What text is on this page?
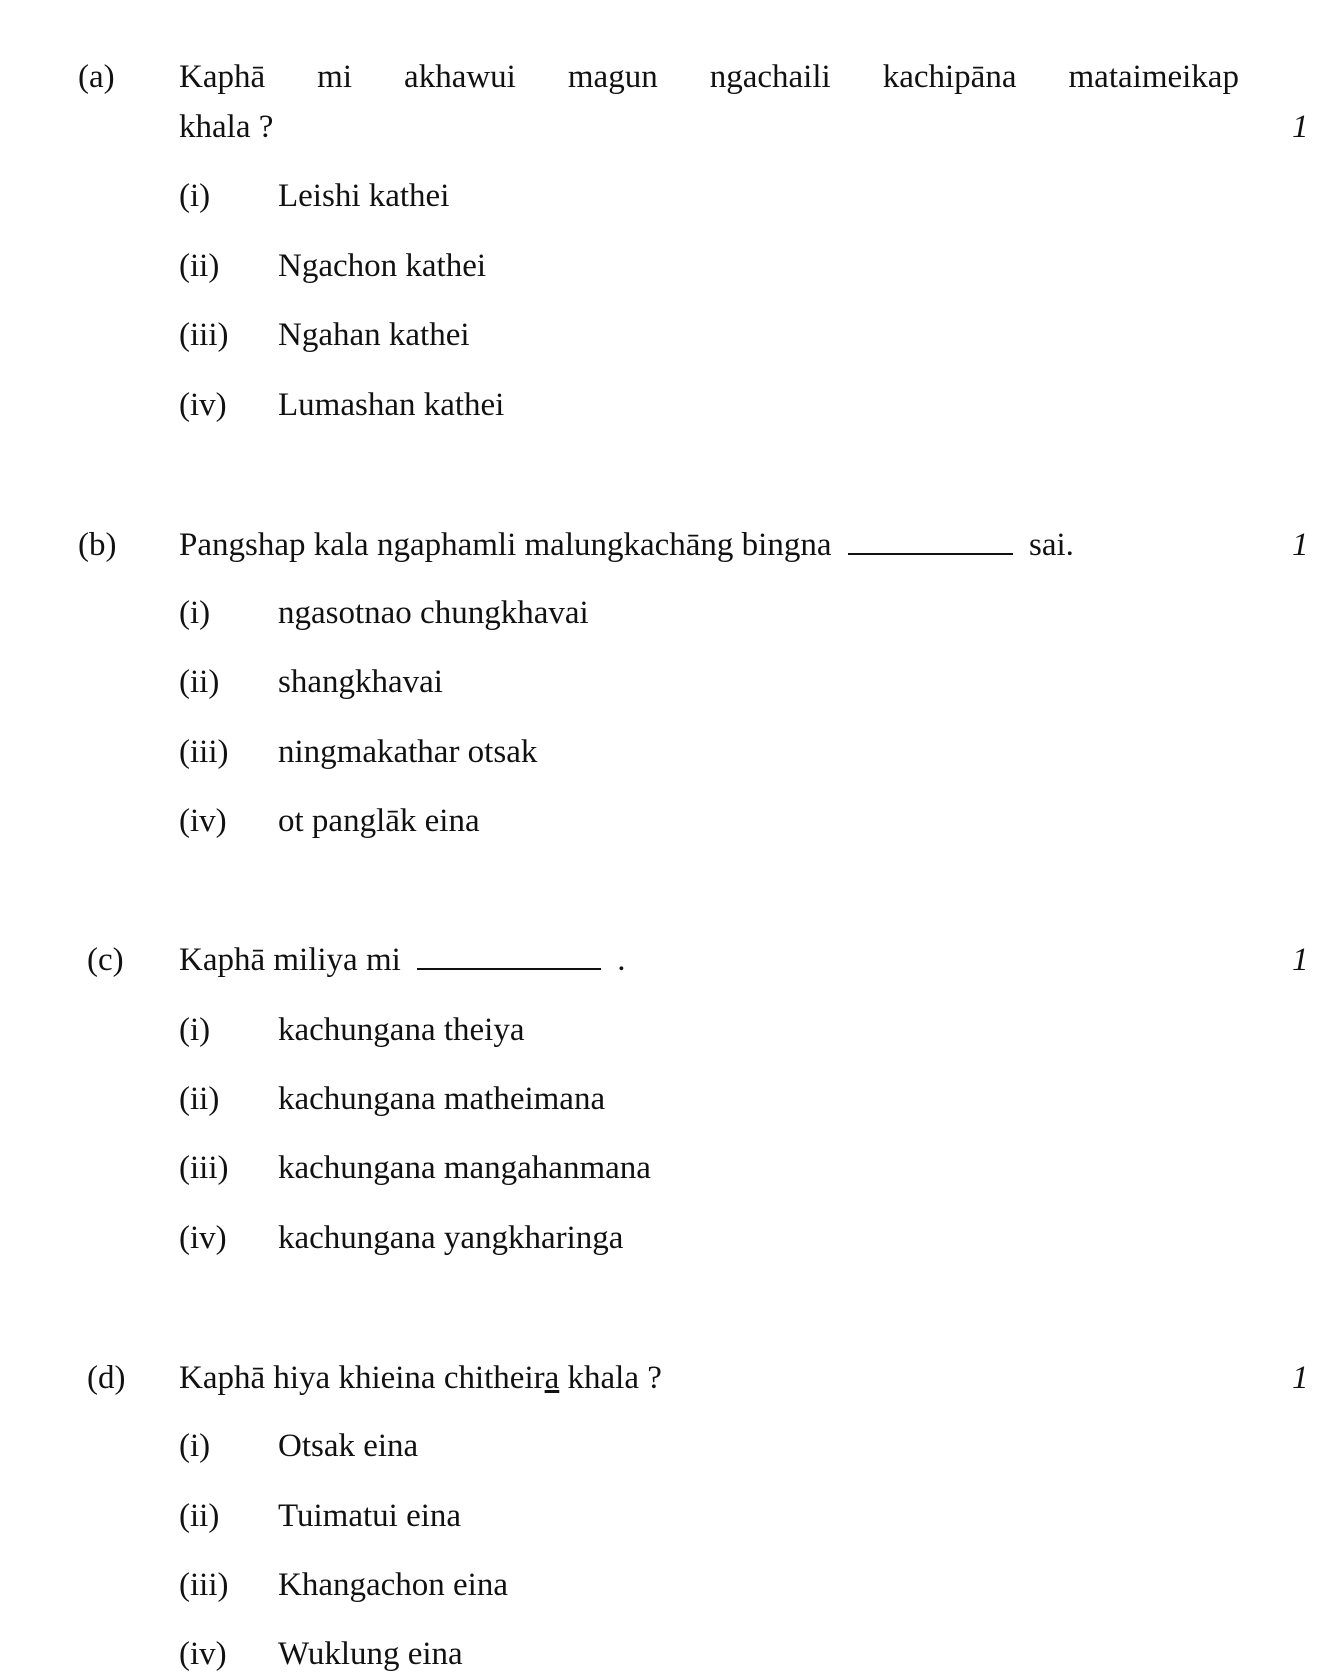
(a) Kaphā mi akhawui magun ngachaili kachipāna mataimeikap
khala ?	1
(i) Leishi kathei
(ii) Ngachon kathei
(iii) Ngahan kathei
(iv) Lumashan kathei
(b) Pangshap kala ngaphamli malungkachāng bingna	sai.	1
(i) ngasotnao chungkhavai
(ii) shangkhavai
(iii) ningmakathar otsak
(iv) ot panglāk eina
(c) Kaphā miliya mi	.	1
(i) kachungana theiya
(ii) kachungana matheimana
(iii) kachungana mangahanmana
(iv) kachungana yangkharinga
(d) Kaphā hiya khieina chitheira khala ?	1
(i) Otsak eina
(ii) Tuimatui eina
(iii) Khangachon eina
(iv) Wuklung eina
